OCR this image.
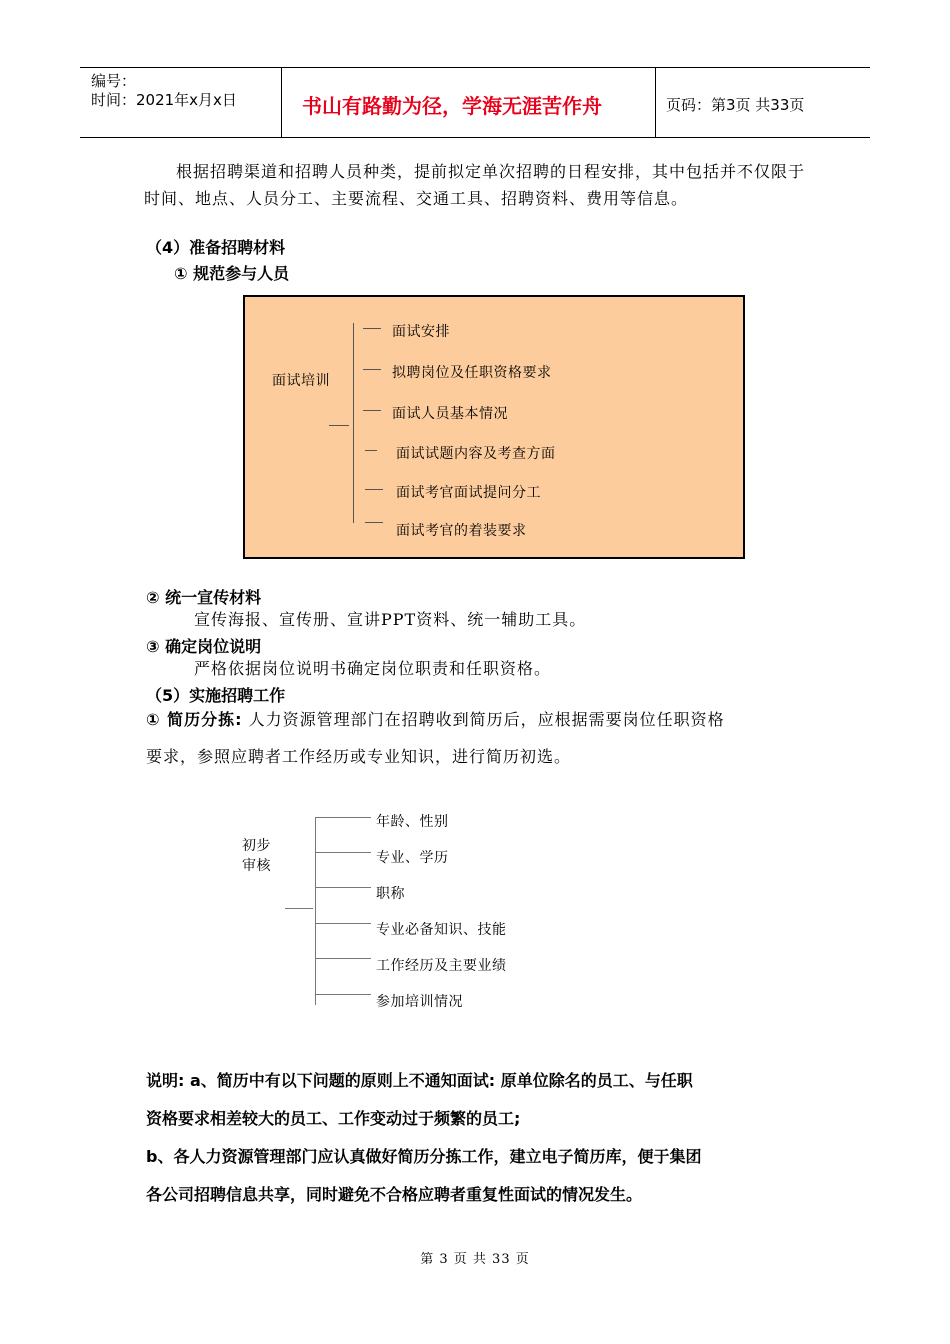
编号：
时间：2021年x月x日	书山有路勤为径，学海无涯苦作舟	页码：第3页 共33页
根据招聘渠道和招聘人员种类，提前拟定单次招聘的日程安排，其中包括并不仅限于时间、地点、人员分工、主要流程、交通工具、招聘资料、费用等信息。
（4）准备招聘材料
① 规范参与人员
面试培训
面试安排
拟聘岗位及任职资格要求
面试人员基本情况
面试试题内容及考查方面
面试考官面试提问分工
面试考官的着装要求
② 统一宣传材料
宣传海报、宣传册、宣讲PPT资料、统一辅助工具。
③ 确定岗位说明
严格依据岗位说明书确定岗位职责和任职资格。
（5）实施招聘工作
① 简历分拣: 人力资源管理部门在招聘收到简历后，应根据需要岗位任职资格
要求，参照应聘者工作经历或专业知识，进行简历初选。
初步
审核
年龄、性别
专业、学历
职称
专业必备知识、技能
工作经历及主要业绩
参加培训情况
说明: a、简历中有以下问题的原则上不通知面试: 原单位除名的员工、与任职
资格要求相差较大的员工、工作变动过于频繁的员工;
b、各人力资源管理部门应认真做好简历分拣工作，建立电子简历库，便于集团
各公司招聘信息共享，同时避免不合格应聘者重复性面试的情况发生。
第 3 页 共 33 页
